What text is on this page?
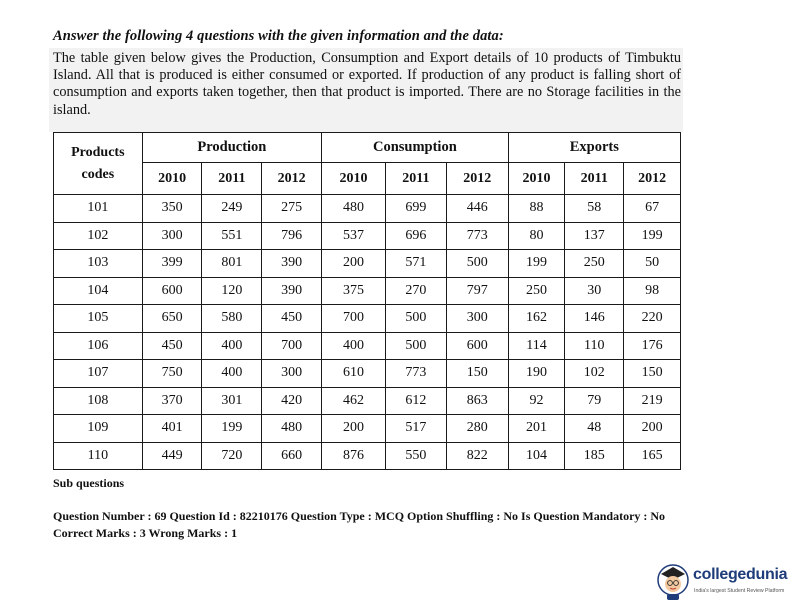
Answer the following 4 questions with the given information and the data:
The table given below gives the Production, Consumption and Export details of 10 products of Timbuktu Island. All that is produced is either consumed or exported. If production of any product is falling short of consumption and exports taken together, then that product is imported. There are no Storage facilities in the island.
Products
codes	Production			Consumption			Exports		
	2010	2011	2012	2010	2011	2012	2010	2011	2012
101	350	249	275	480	699	446	88	58	67
102	300	551	796	537	696	773	80	137	199
103	399	801	390	200	571	500	199	250	50
104	600	120	390	375	270	797	250	30	98
105	650	580	450	700	500	300	162	146	220
106	450	400	700	400	500	600	114	110	176
107	750	400	300	610	773	150	190	102	150
108	370	301	420	462	612	863	92	79	219
109	401	199	480	200	517	280	201	48	200
110	449	720	660	876	550	822	104	185	165
Sub questions
Question Number : 69 Question Id : 82210176 Question Type : MCQ Option Shuffling : No Is Question Mandatory : No
Correct Marks : 3 Wrong Marks : 1
collegedunia
India's largest Student Review Platform
